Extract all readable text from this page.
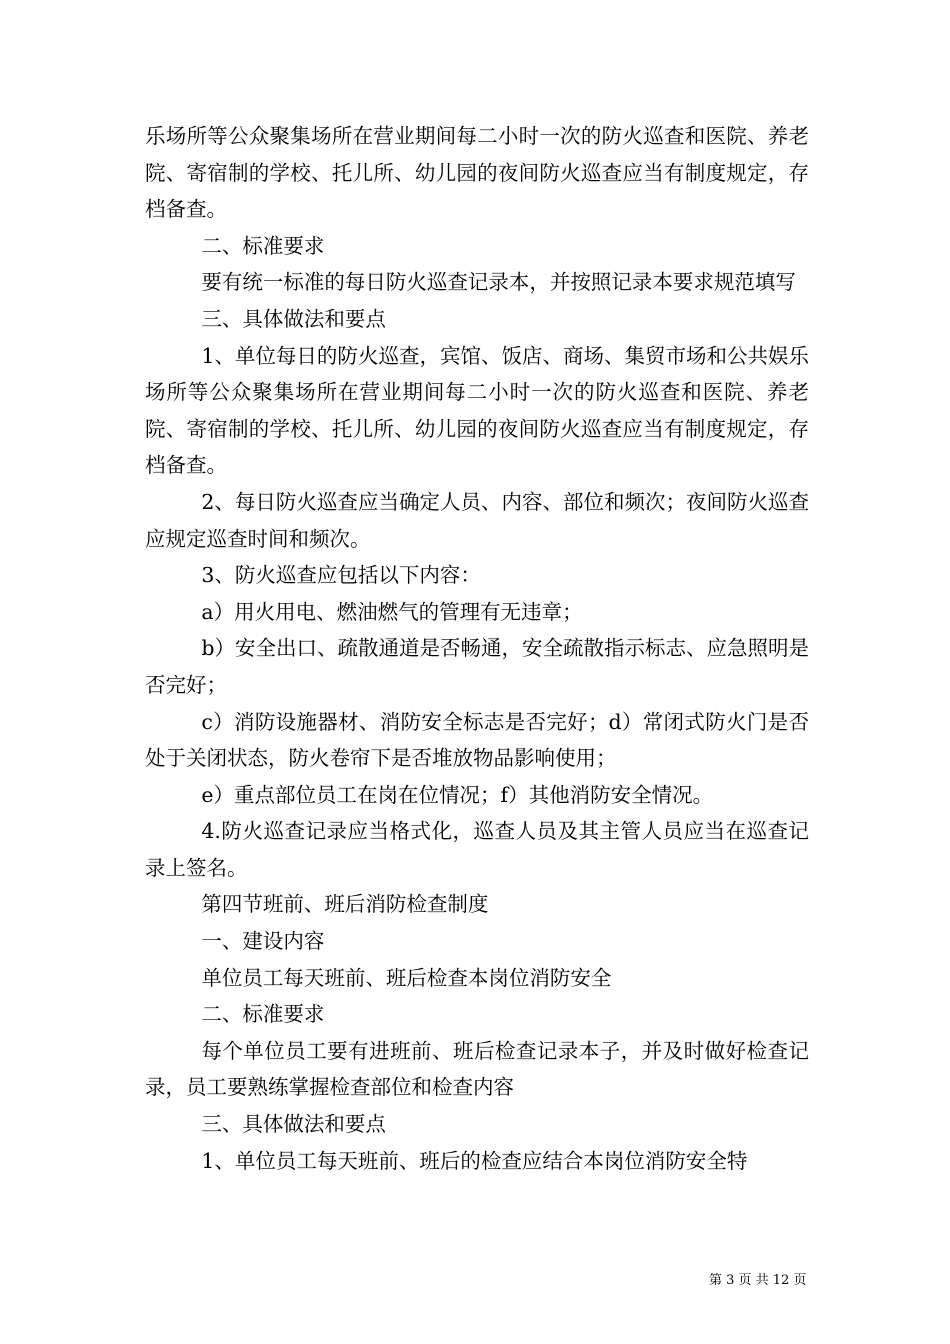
乐场所等公众聚集场所在营业期间每二小时一次的防火巡查和医院、养老院、寄宿制的学校、托儿所、幼儿园的夜间防火巡查应当有制度规定，存档备查。

二、标准要求

要有统一标准的每日防火巡查记录本，并按照记录本要求规范填写

三、具体做法和要点

1、单位每日的防火巡查，宾馆、饭店、商场、集贸市场和公共娱乐场所等公众聚集场所在营业期间每二小时一次的防火巡查和医院、养老院、寄宿制的学校、托儿所、幼儿园的夜间防火巡查应当有制度规定，存档备查。

2、每日防火巡查应当确定人员、内容、部位和频次；夜间防火巡查应规定巡查时间和频次。

3、防火巡查应包括以下内容：

a）用火用电、燃油燃气的管理有无违章；

b）安全出口、疏散通道是否畅通，安全疏散指示标志、应急照明是否完好；

c）消防设施器材、消防安全标志是否完好；d）常闭式防火门是否处于关闭状态，防火卷帘下是否堆放物品影响使用；

e）重点部位员工在岗在位情况；f）其他消防安全情况。

4.防火巡查记录应当格式化，巡查人员及其主管人员应当在巡查记录上签名。

第四节班前、班后消防检查制度

一、建设内容

单位员工每天班前、班后检查本岗位消防安全

二、标准要求

每个单位员工要有进班前、班后检查记录本子，并及时做好检查记录，员工要熟练掌握检查部位和检查内容

三、具体做法和要点

1、单位员工每天班前、班后的检查应结合本岗位消防安全特

第 3 页 共 12 页
